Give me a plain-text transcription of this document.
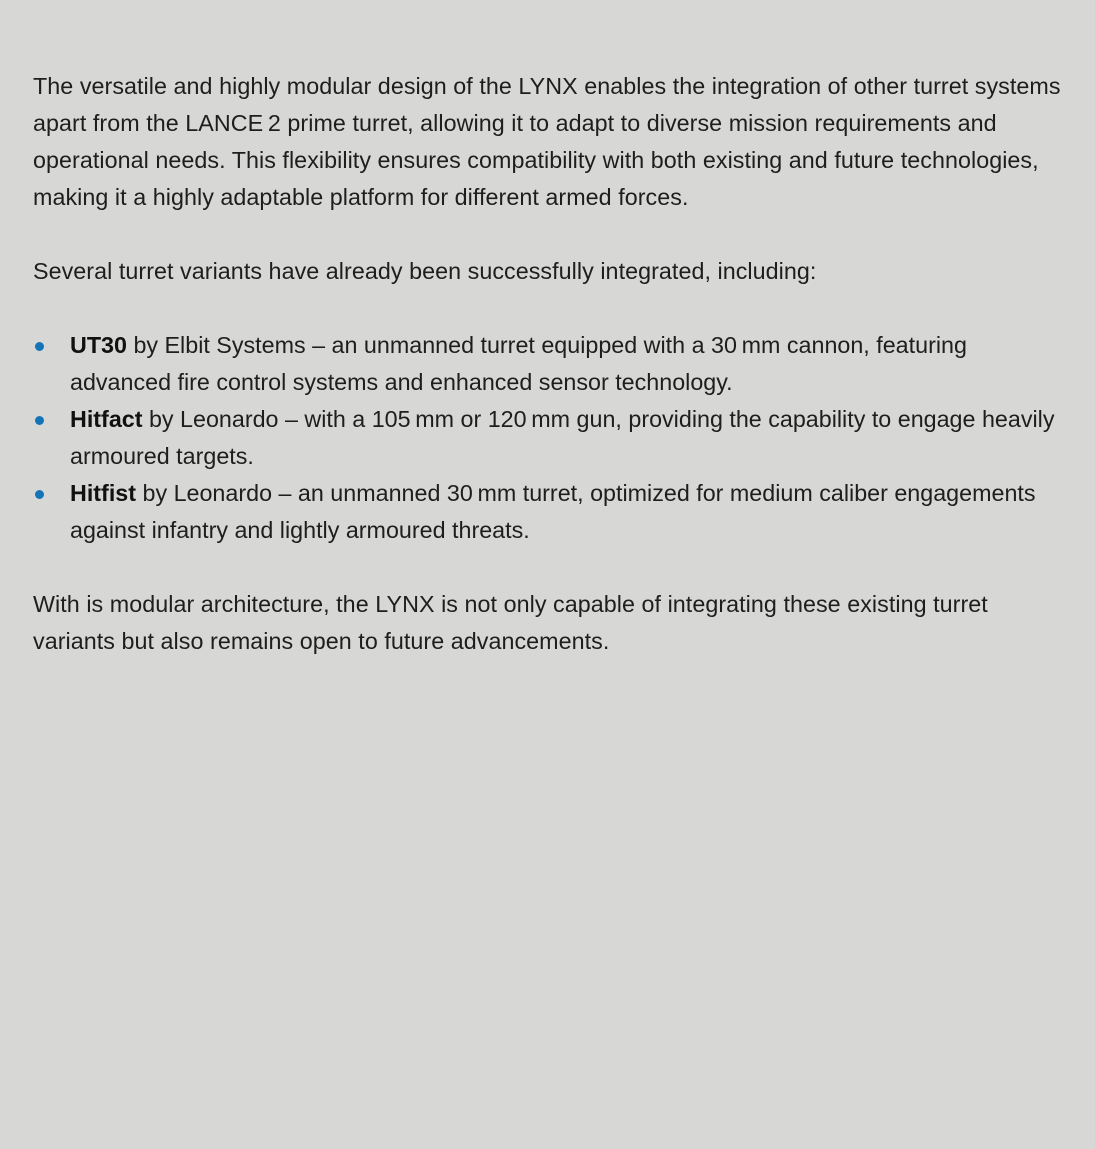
The versatile and highly modular design of the LYNX enables the integration of other turret systems apart from the LANCE 2 prime turret, allowing it to adapt to diverse mission requirements and operational needs. This flexibility ensures compatibility with both existing and future technologies, making it a highly adaptable platform for different armed forces.

Several turret variants have already been successfully integrated, including:

UT30 by Elbit Systems – an unmanned turret equipped with a 30 mm cannon, featuring advanced fire control systems and enhanced sensor technology.
Hitfact by Leonardo – with a 105 mm or 120 mm gun, providing the capability to engage heavily armoured targets.
Hitfist by Leonardo – an unmanned 30 mm turret, optimized for medium caliber engagements against infantry and lightly armoured threats.

With is modular architecture, the LYNX is not only capable of integrating these existing turret variants but also remains open to future advancements.
